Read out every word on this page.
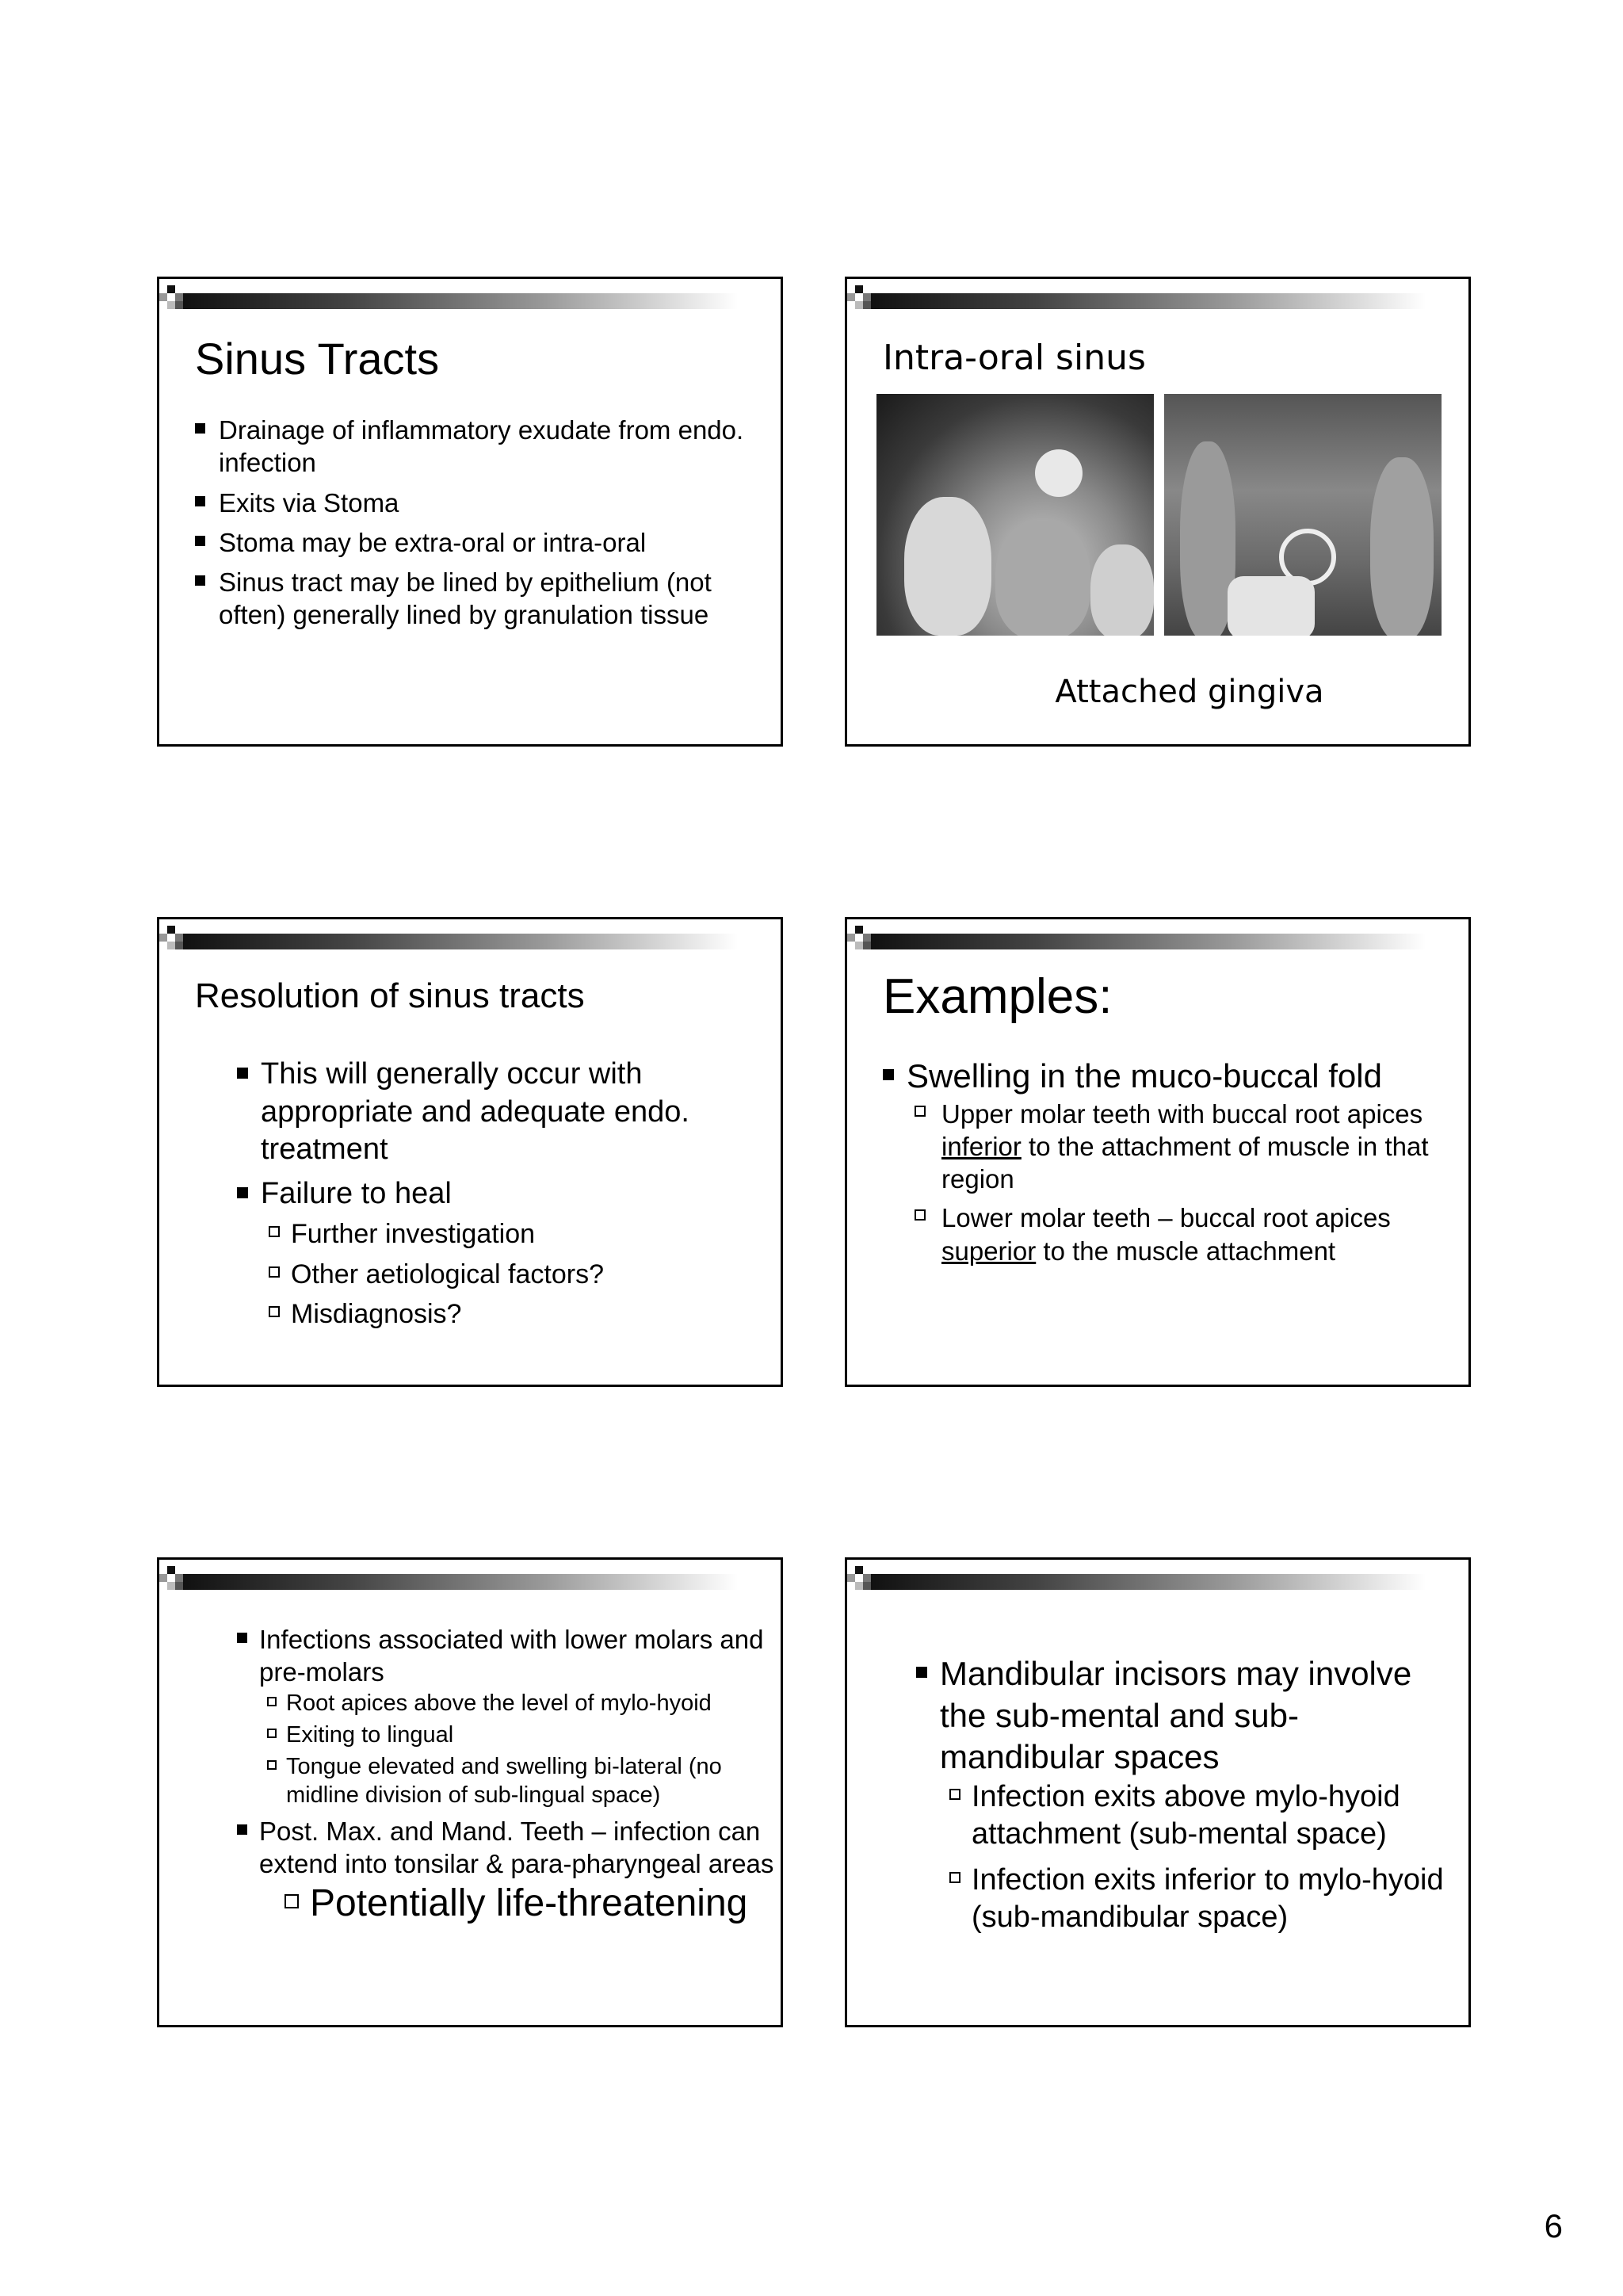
Sinus Tracts
Drainage of inflammatory exudate from endo. infection
Exits via Stoma
Stoma may be extra-oral or intra-oral
Sinus tract may be lined by epithelium (not often) generally lined by granulation tissue
Intra-oral sinus
Attached gingiva
Resolution of sinus tracts
This will generally occur with appropriate and adequate endo. treatment
Failure to heal
Further investigation
Other aetiological factors?
Misdiagnosis?
Examples:
Swelling in the muco-buccal fold
Upper molar teeth with buccal root apices inferior to the attachment of muscle in that region
Lower molar teeth – buccal root apices superior to the muscle attachment
Infections associated with lower molars and pre-molars
Root apices above the level of mylo-hyoid
Exiting to lingual
Tongue elevated and swelling bi-lateral (no midline division of sub-lingual space)
Post. Max. and Mand. Teeth – infection can extend into tonsilar & para-pharyngeal areas
Potentially life-threatening
Mandibular incisors may involve the sub-mental and sub-mandibular spaces
Infection exits above mylo-hyoid attachment (sub-mental space)
Infection exits inferior to mylo-hyoid (sub-mandibular space)
6
